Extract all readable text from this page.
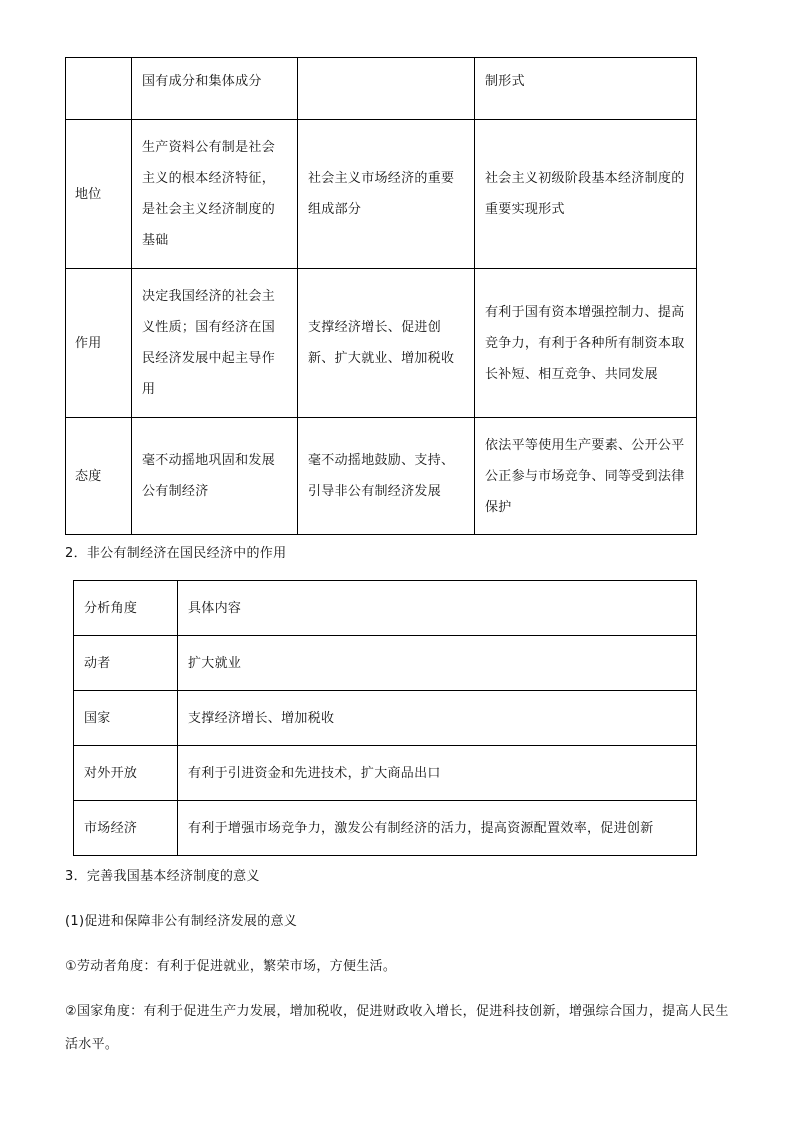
	国有成分和集体成分		制形式
地位	生产资料公有制是社会主义的根本经济特征，是社会主义经济制度的基础	社会主义市场经济的重要组成部分	社会主义初级阶段基本经济制度的重要实现形式
作用	决定我国经济的社会主义性质；国有经济在国民经济发展中起主导作用	支撑经济增长、促进创新、扩大就业、增加税收	有利于国有资本增强控制力、提高竞争力，有利于各种所有制资本取长补短、相互竞争、共同发展
态度	毫不动摇地巩固和发展公有制经济	毫不动摇地鼓励、支持、引导非公有制经济发展	依法平等使用生产要素、公开公平公正参与市场竞争、同等受到法律保护
2．非公有制经济在国民经济中的作用
分析角度	具体内容
动者	扩大就业
国家	支撑经济增长、增加税收
对外开放	有利于引进资金和先进技术，扩大商品出口
市场经济	有利于增强市场竞争力，激发公有制经济的活力，提高资源配置效率，促进创新
3．完善我国基本经济制度的意义
(1)促进和保障非公有制经济发展的意义
①劳动者角度：有利于促进就业，繁荣市场，方便生活。
②国家角度：有利于促进生产力发展，增加税收，促进财政收入增长，促进科技创新，增强综合国力，提高人民生活水平。
